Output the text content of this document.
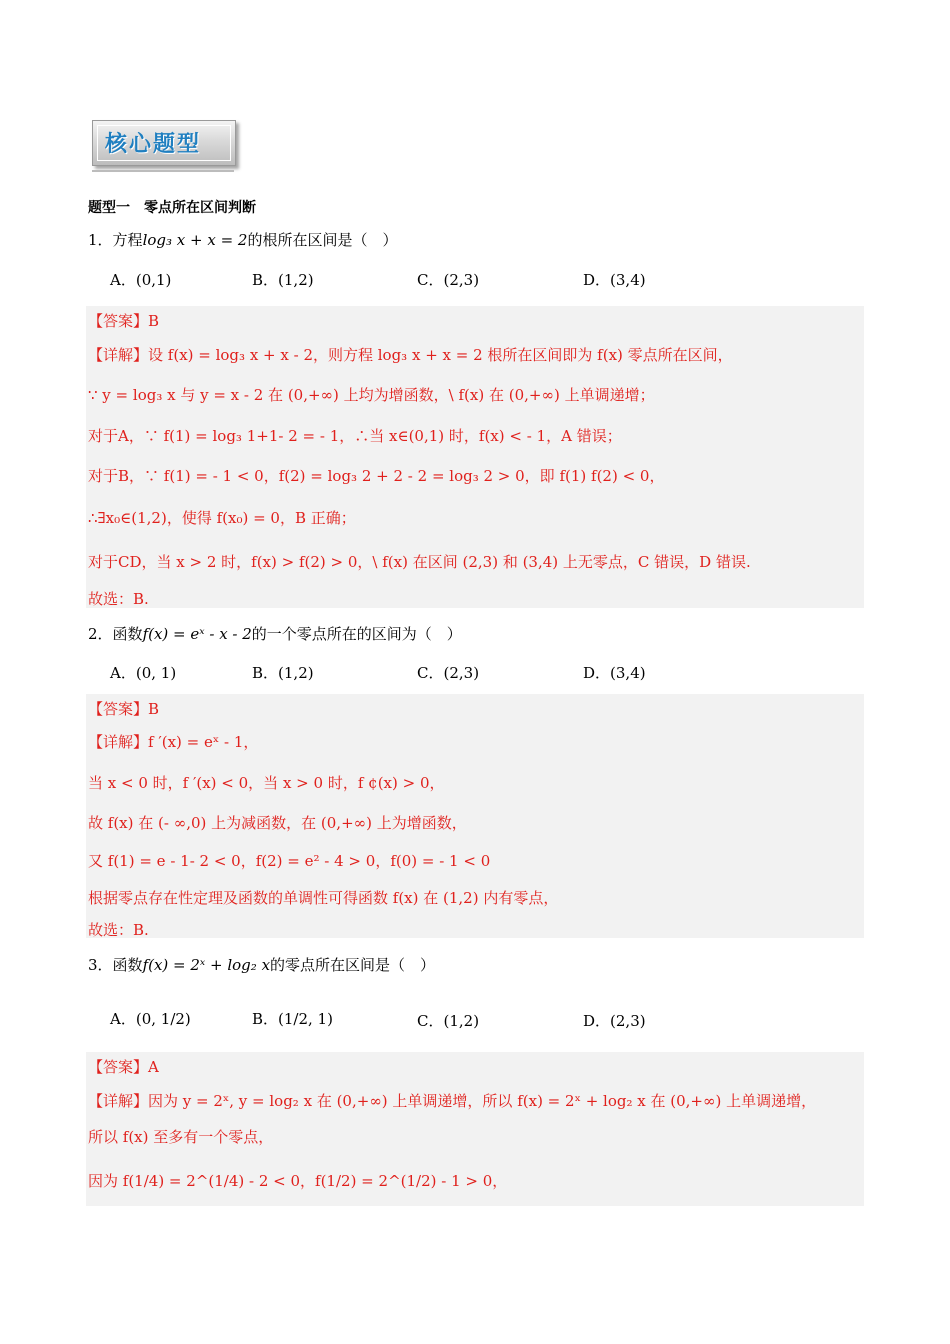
核心题型
题型一　零点所在区间判断
1．方程log₃ x + x = 2的根所在区间是（　）
A．(0,1)	B．(1,2)	C．(2,3)	D．(3,4)
【答案】B
【详解】设 f(x) = log₃ x + x - 2，则方程 log₃ x + x = 2 根所在区间即为 f(x) 零点所在区间，
∵ y = log₃ x 与 y = x - 2 在 (0,+∞) 上均为增函数，\ f(x) 在 (0,+∞) 上单调递增；
对于A，∵ f(1) = log₃ 1+1- 2 = - 1，∴当 x∈(0,1) 时，f(x) < - 1，A 错误；
对于B，∵ f(1) = - 1 < 0，f(2) = log₃ 2 + 2 - 2 = log₃ 2 > 0，即 f(1) f(2) < 0，
∴∃x₀∈(1,2)，使得 f(x₀) = 0，B 正确；
对于CD，当 x > 2 时，f(x) > f(2) > 0，\ f(x) 在区间 (2,3) 和 (3,4) 上无零点，C 错误，D 错误.
故选：B.
2．函数f(x) = eˣ - x - 2的一个零点所在的区间为（　）
A．(0, 1)	B．(1,2)	C．(2,3)	D．(3,4)
【答案】B
【详解】f ′(x) = eˣ - 1，
当 x < 0 时，f ′(x) < 0，当 x > 0 时，f ¢(x) > 0，
故 f(x) 在 (- ∞,0) 上为减函数，在 (0,+∞) 上为增函数，
又 f(1) = e - 1- 2 < 0，f(2) = e² - 4 > 0，f(0) = - 1 < 0
根据零点存在性定理及函数的单调性可得函数 f(x) 在 (1,2) 内有零点，
故选：B.
3．函数f(x) = 2ˣ + log₂ x的零点所在区间是（　）
A．(0, 1/2)	B．(1/2, 1)	C．(1,2)	D．(2,3)
【答案】A
【详解】因为 y = 2ˣ, y = log₂ x 在 (0,+∞) 上单调递增，所以 f(x) = 2ˣ + log₂ x 在 (0,+∞) 上单调递增，
所以 f(x) 至多有一个零点，
因为 f(1/4) = 2^(1/4) - 2 < 0，f(1/2) = 2^(1/2) - 1 > 0，
